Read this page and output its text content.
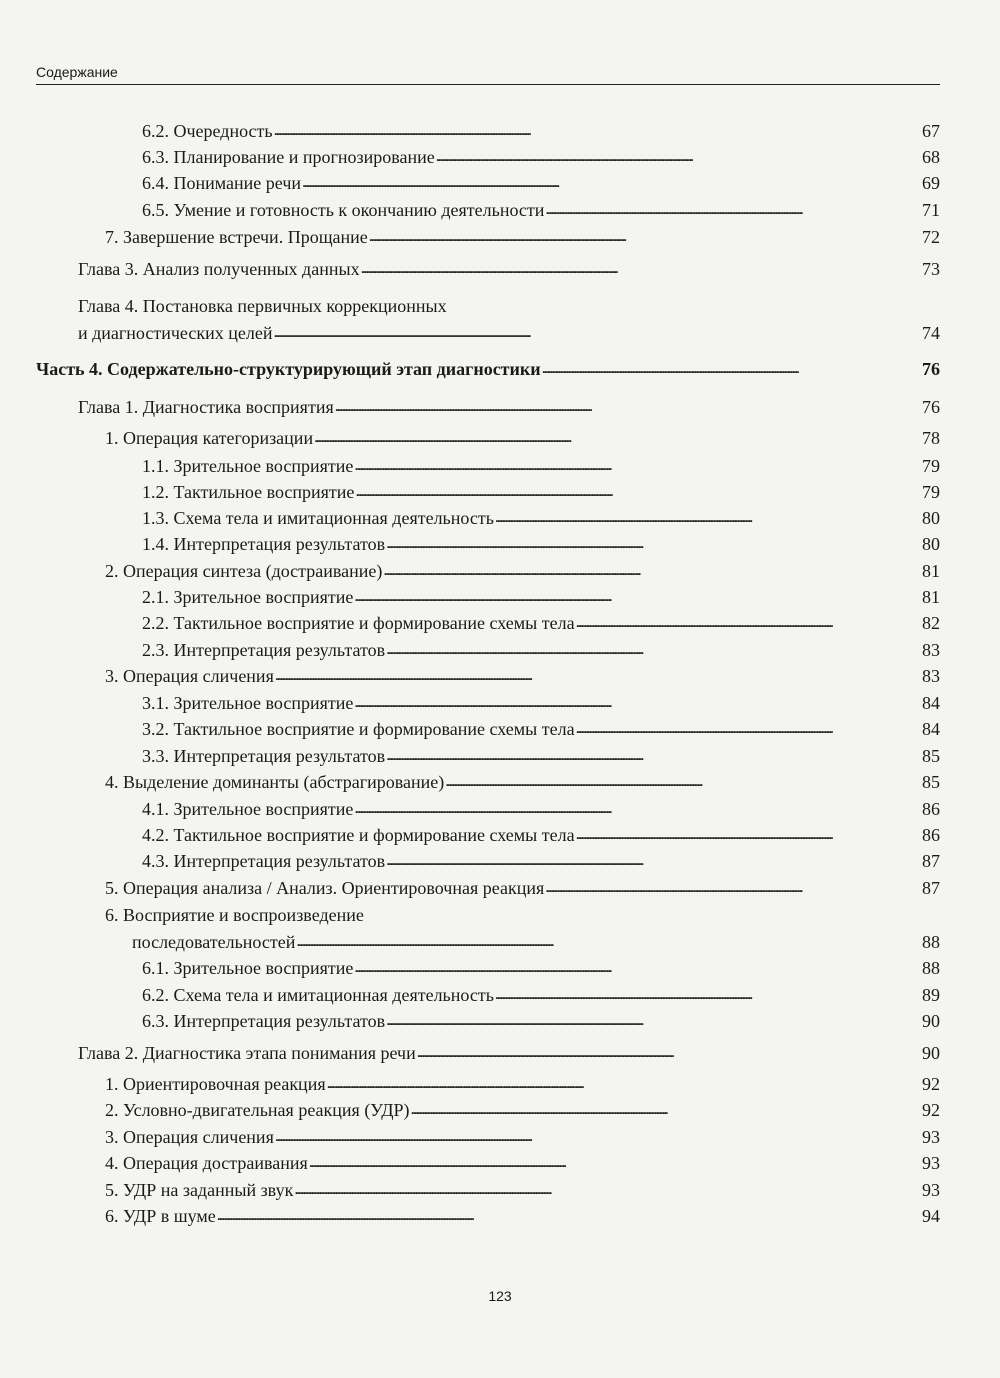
Содержание
6.2. Очередность . . .	67
6.3. Планирование и прогнозирование . . .	68
6.4. Понимание речи . . .	69
6.5. Умение и готовность к окончанию деятельности . . .	71
7. Завершение встречи. Прощание . . .	72
Глава 3. Анализ полученных данных . . .	73
Глава 4. Постановка первичных коррекционных
и диагностических целей . . .	74
Часть 4. Содержательно-структурирующий этап диагностики . . .	76
Глава 1. Диагностика восприятия . . .	76
1. Операция категоризации . . .	78
1.1. Зрительное восприятие . . .	79
1.2. Тактильное восприятие . . .	79
1.3. Схема тела и имитационная деятельность . . .	80
1.4. Интерпретация результатов . . .	80
2. Операция синтеза (достраивание) . . .	81
2.1. Зрительное восприятие . . .	81
2.2. Тактильное восприятие и формирование схемы тела . . .	82
2.3. Интерпретация результатов . . .	83
3. Операция сличения . . .	83
3.1. Зрительное восприятие . . .	84
3.2. Тактильное восприятие и формирование схемы тела . . .	84
3.3. Интерпретация результатов . . .	85
4. Выделение доминанты (абстрагирование) . . .	85
4.1. Зрительное восприятие . . .	86
4.2. Тактильное восприятие и формирование схемы тела . . .	86
4.3. Интерпретация результатов . . .	87
5. Операция анализа / Анализ. Ориентировочная реакция . . .	87
6. Восприятие и воспроизведение
последовательностей . . .	88
6.1. Зрительное восприятие . . .	88
6.2. Схема тела и имитационная деятельность . . .	89
6.3. Интерпретация результатов . . .	90
Глава 2. Диагностика этапа понимания речи . . .	90
1. Ориентировочная реакция . . .	92
2. Условно-двигательная реакция (УДР) . . .	92
3. Операция сличения . . .	93
4. Операция достраивания . . .	93
5. УДР на заданный звук . . .	93
6. УДР в шуме . . .	94
123
